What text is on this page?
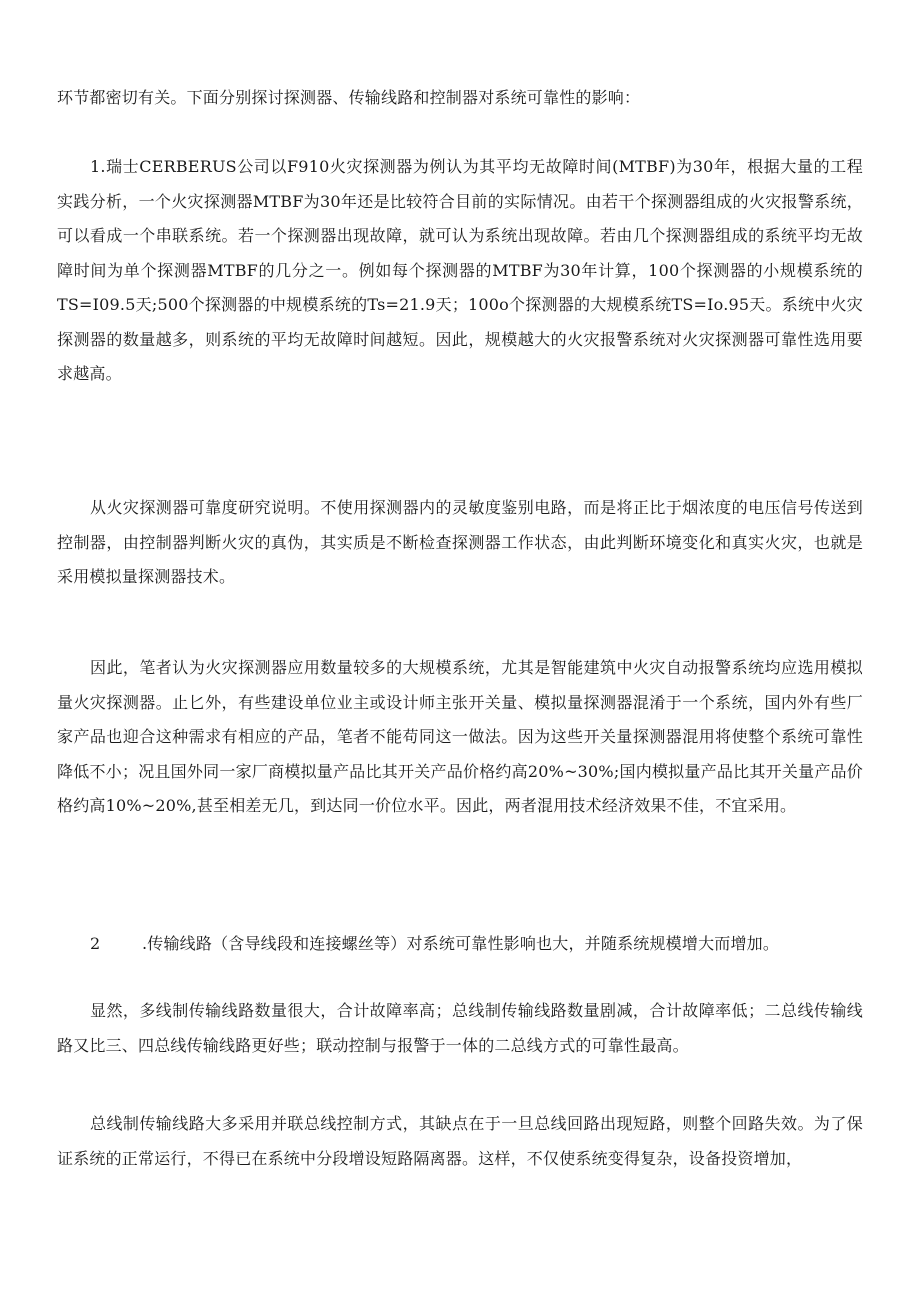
环节都密切有关。下面分别探讨探测器、传输线路和控制器对系统可靠性的影响：

1.瑞士CERBERUS公司以F910火灾探测器为例认为其平均无故障时间(MTBF)为30年，根据大量的工程实践分析，一个火灾探测器MTBF为30年还是比较符合目前的实际情况。由若干个探测器组成的火灾报警系统，可以看成一个串联系统。若一个探测器出现故障，就可认为系统出现故障。若由几个探测器组成的系统平均无故障时间为单个探测器MTBF的几分之一。例如每个探测器的MTBF为30年计算，100个探测器的小规模系统的TS=I09.5天;500个探测器的中规模系统的Ts=21.9天；100o个探测器的大规模系统TS=Io.95天。系统中火灾探测器的数量越多，则系统的平均无故障时间越短。因此，规模越大的火灾报警系统对火灾探测器可靠性选用要求越高。

从火灾探测器可靠度研究说明。不使用探测器内的灵敏度鉴别电路，而是将正比于烟浓度的电压信号传送到控制器，由控制器判断火灾的真伪，其实质是不断检查探测器工作状态，由此判断环境变化和真实火灾，也就是采用模拟量探测器技术。

因此，笔者认为火灾探测器应用数量较多的大规模系统，尤其是智能建筑中火灾自动报警系统均应选用模拟量火灾探测器。止匕外，有些建设单位业主或设计师主张开关量、模拟量探测器混淆于一个系统，国内外有些厂家产品也迎合这种需求有相应的产品，笔者不能苟同这一做法。因为这些开关量探测器混用将使整个系统可靠性降低不小；况且国外同一家厂商模拟量产品比其开关产品价格约高20%~30%;国内模拟量产品比其开关量产品价格约高10%~20%,甚至相差无几，到达同一价位水平。因此，两者混用技术经济效果不佳，不宜采用。

2	.传输线路（含导线段和连接螺丝等）对系统可靠性影响也大，并随系统规模增大而增加。

显然，多线制传输线路数量很大，合计故障率高；总线制传输线路数量剧减，合计故障率低；二总线传输线路又比三、四总线传输线路更好些；联动控制与报警于一体的二总线方式的可靠性最高。

总线制传输线路大多采用并联总线控制方式，其缺点在于一旦总线回路出现短路，则整个回路失效。为了保证系统的正常运行，不得已在系统中分段增设短路隔离器。这样，不仅使系统变得复杂，设备投资增加，
